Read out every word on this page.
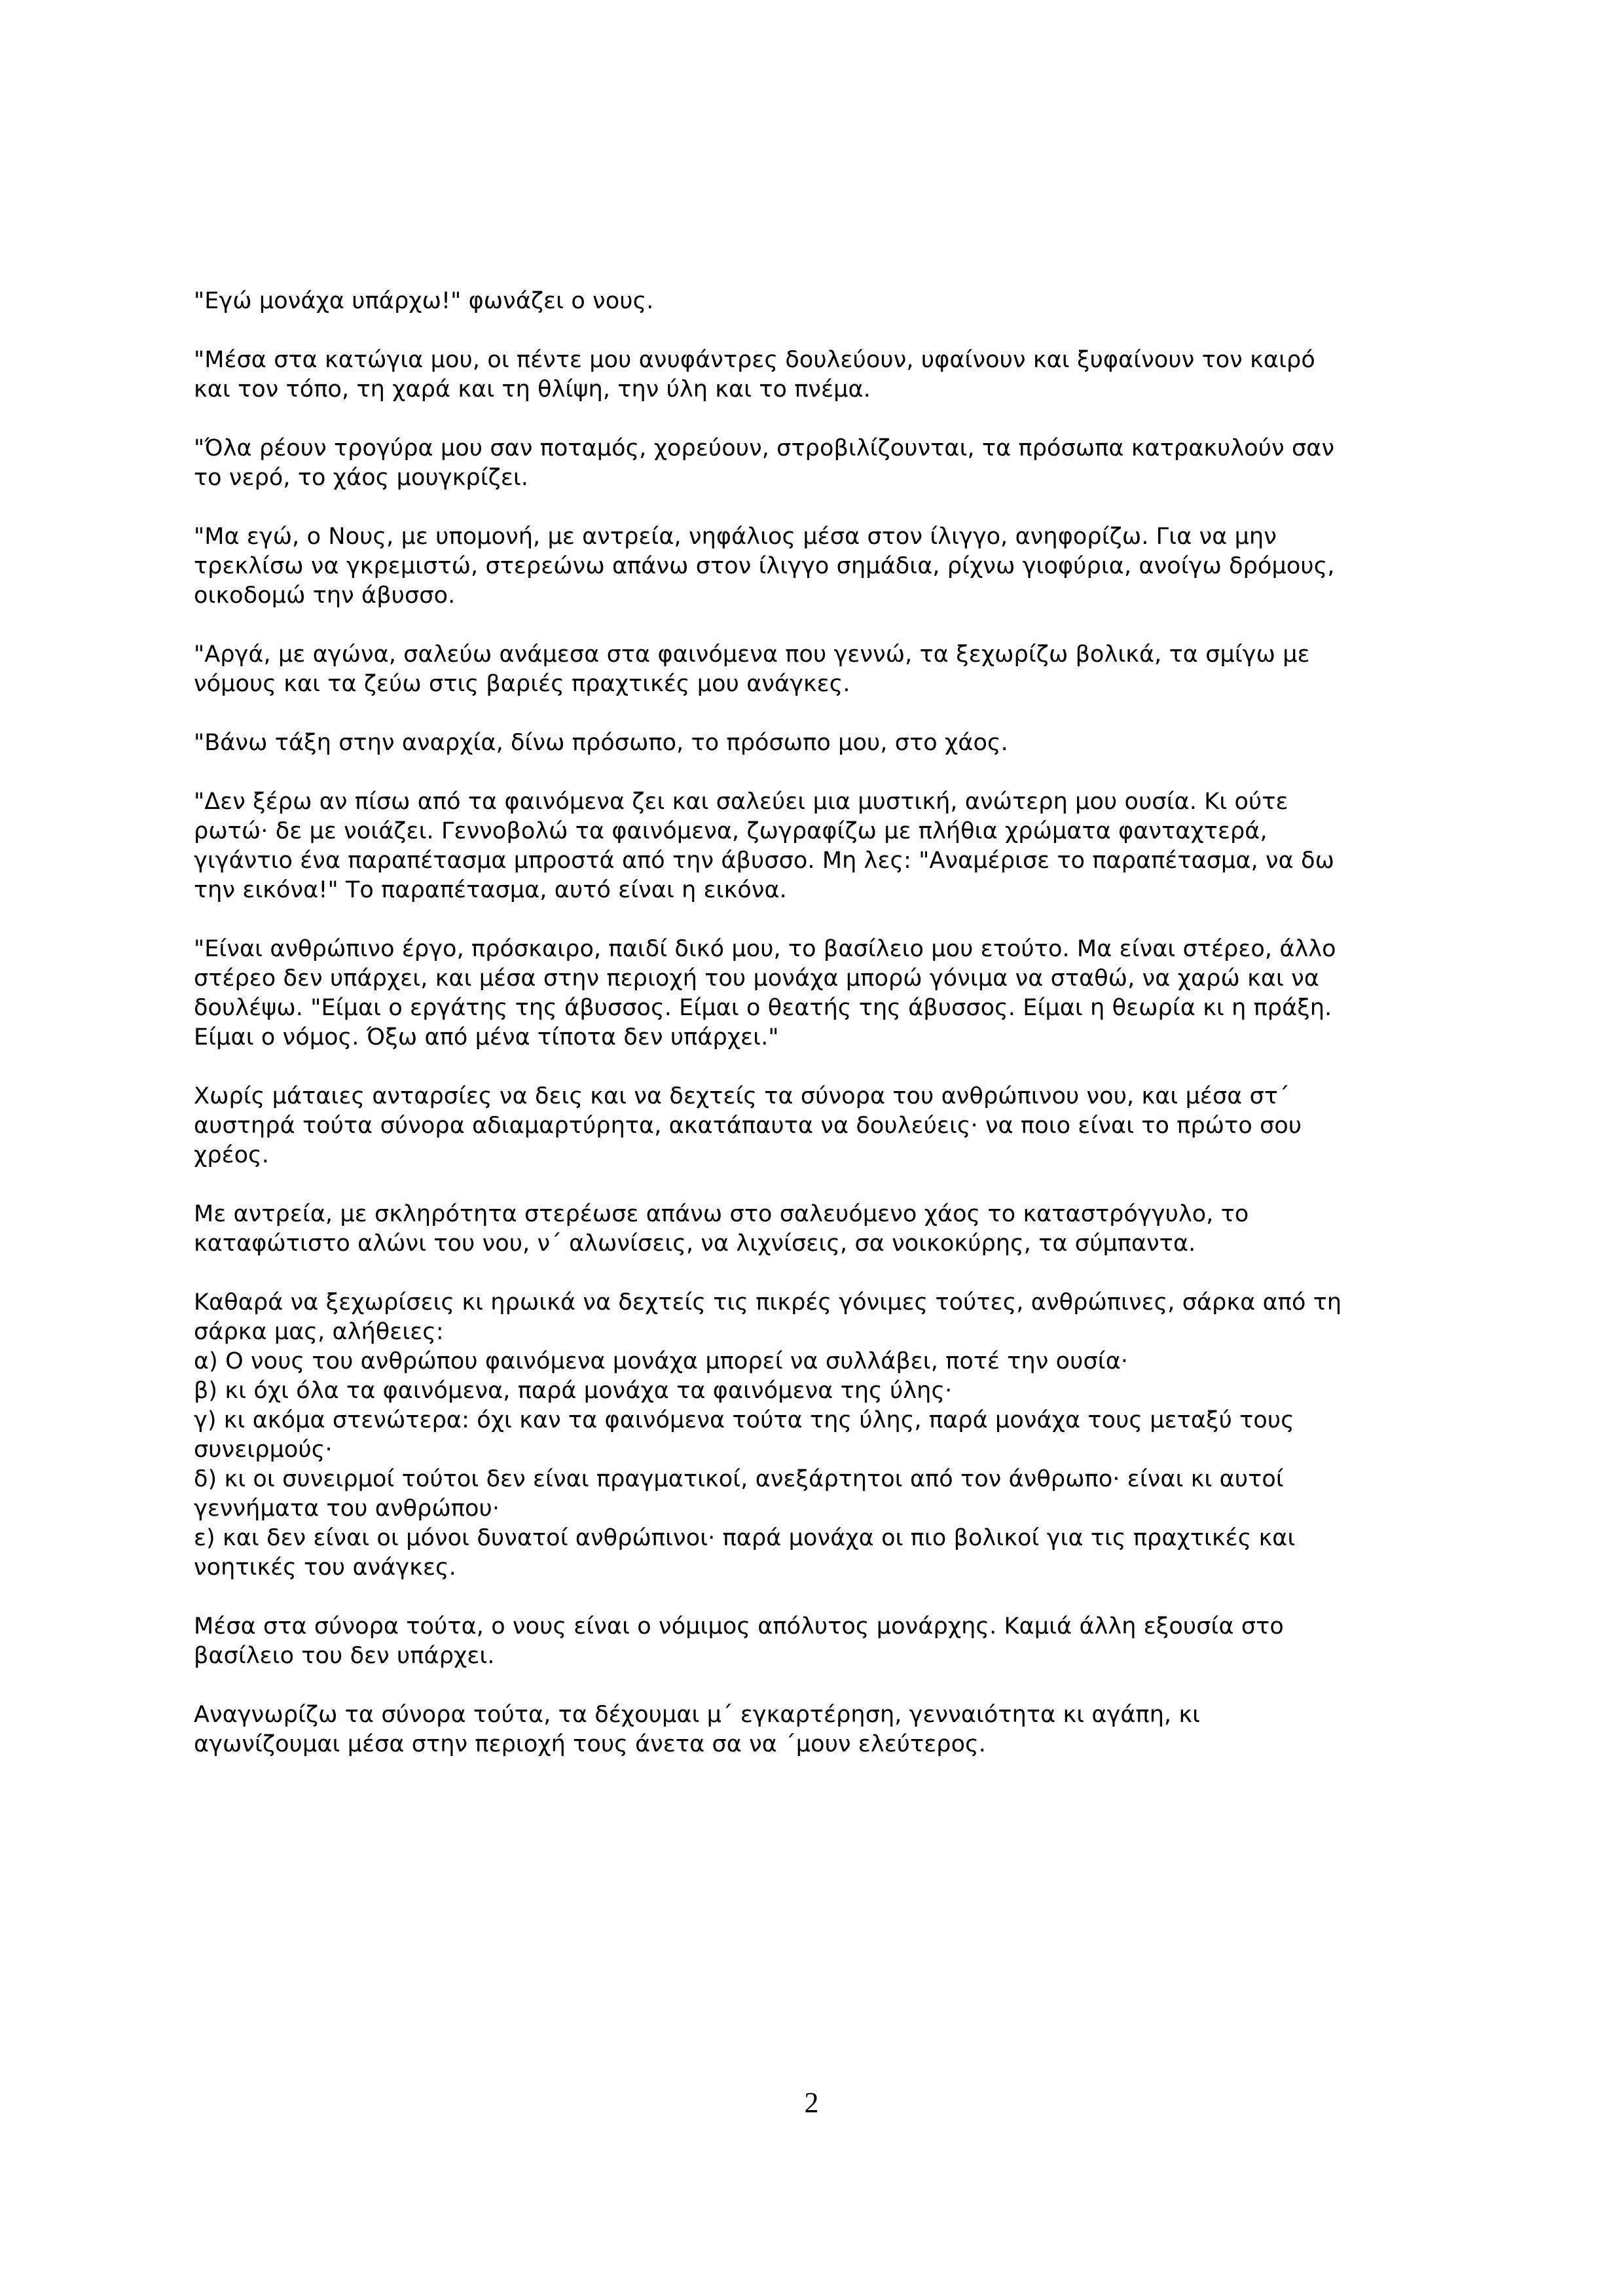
"Εγώ μονάχα υπάρχω!" φωνάζει ο νους.

"Μέσα στα κατώγια μου, οι πέντε μου ανυφάντρες δουλεύουν, υφαίνουν και ξυφαίνουν τον καιρό
και τον τόπο, τη χαρά και τη θλίψη, την ύλη και το πνέμα.

"Όλα ρέουν τρογύρα μου σαν ποταμός, χορεύουν, στροβιλίζουνται, τα πρόσωπα κατρακυλούν σαν
το νερό, το χάος μουγκρίζει.

"Μα εγώ, ο Νους, με υπομονή, με αντρεία, νηφάλιος μέσα στον ίλιγγο, ανηφορίζω. Για να μην
τρεκλίσω να γκρεμιστώ, στερεώνω απάνω στον ίλιγγο σημάδια, ρίχνω γιοφύρια, ανοίγω δρόμους,
οικοδομώ την άβυσσο.

"Αργά, με αγώνα, σαλεύω ανάμεσα στα φαινόμενα που γεννώ, τα ξεχωρίζω βολικά, τα σμίγω με
νόμους και τα ζεύω στις βαριές πραχτικές μου ανάγκες.

"Βάνω τάξη στην αναρχία, δίνω πρόσωπο, το πρόσωπο μου, στο χάος.

"Δεν ξέρω αν πίσω από τα φαινόμενα ζει και σαλεύει μια μυστική, ανώτερη μου ουσία. Κι ούτε
ρωτώ· δε με νοιάζει. Γεννοβολώ τα φαινόμενα, ζωγραφίζω με πλήθια χρώματα φανταχτερά,
γιγάντιο ένα παραπέτασμα μπροστά από την άβυσσο. Μη λες: "Αναμέρισε το παραπέτασμα, να δω
την εικόνα!" Το παραπέτασμα, αυτό είναι η εικόνα.

"Είναι ανθρώπινο έργο, πρόσκαιρο, παιδί δικό μου, το βασίλειο μου ετούτο. Μα είναι στέρεο, άλλο
στέρεο δεν υπάρχει, και μέσα στην περιοχή του μονάχα μπορώ γόνιμα να σταθώ, να χαρώ και να
δουλέψω. "Είμαι ο εργάτης της άβυσσος. Είμαι ο θεατής της άβυσσος. Είμαι η θεωρία κι η πράξη.
Είμαι ο νόμος. Όξω από μένα τίποτα δεν υπάρχει."

Χωρίς μάταιες ανταρσίες να δεις και να δεχτείς τα σύνορα του ανθρώπινου νου, και μέσα στ΄
αυστηρά τούτα σύνορα αδιαμαρτύρητα, ακατάπαυτα να δουλεύεις· να ποιο είναι το πρώτο σου
χρέος.

Με αντρεία, με σκληρότητα στερέωσε απάνω στο σαλευόμενο χάος το καταστρόγγυλο, το
καταφώτιστο αλώνι του νου, ν΄ αλωνίσεις, να λιχνίσεις, σα νοικοκύρης, τα σύμπαντα.

Καθαρά να ξεχωρίσεις κι ηρωικά να δεχτείς τις πικρές γόνιμες τούτες, ανθρώπινες, σάρκα από τη
σάρκα μας, αλήθειες:
α) Ο νους του ανθρώπου φαινόμενα μονάχα μπορεί να συλλάβει, ποτέ την ουσία·
β) κι όχι όλα τα φαινόμενα, παρά μονάχα τα φαινόμενα της ύλης·
γ) κι ακόμα στενώτερα: όχι καν τα φαινόμενα τούτα της ύλης, παρά μονάχα τους μεταξύ τους
συνειρμούς·
δ) κι οι συνειρμοί τούτοι δεν είναι πραγματικοί, ανεξάρτητοι από τον άνθρωπο· είναι κι αυτοί
γεννήματα του ανθρώπου·
ε) και δεν είναι οι μόνοι δυνατοί ανθρώπινοι· παρά μονάχα οι πιο βολικοί για τις πραχτικές και
νοητικές του ανάγκες.

Μέσα στα σύνορα τούτα, ο νους είναι ο νόμιμος απόλυτος μονάρχης. Καμιά άλλη εξουσία στο
βασίλειο του δεν υπάρχει.

Αναγνωρίζω τα σύνορα τούτα, τα δέχουμαι μ΄ εγκαρτέρηση, γενναιότητα κι αγάπη, κι
αγωνίζουμαι μέσα στην περιοχή τους άνετα σα να ΄μουν ελεύτερος.

2
